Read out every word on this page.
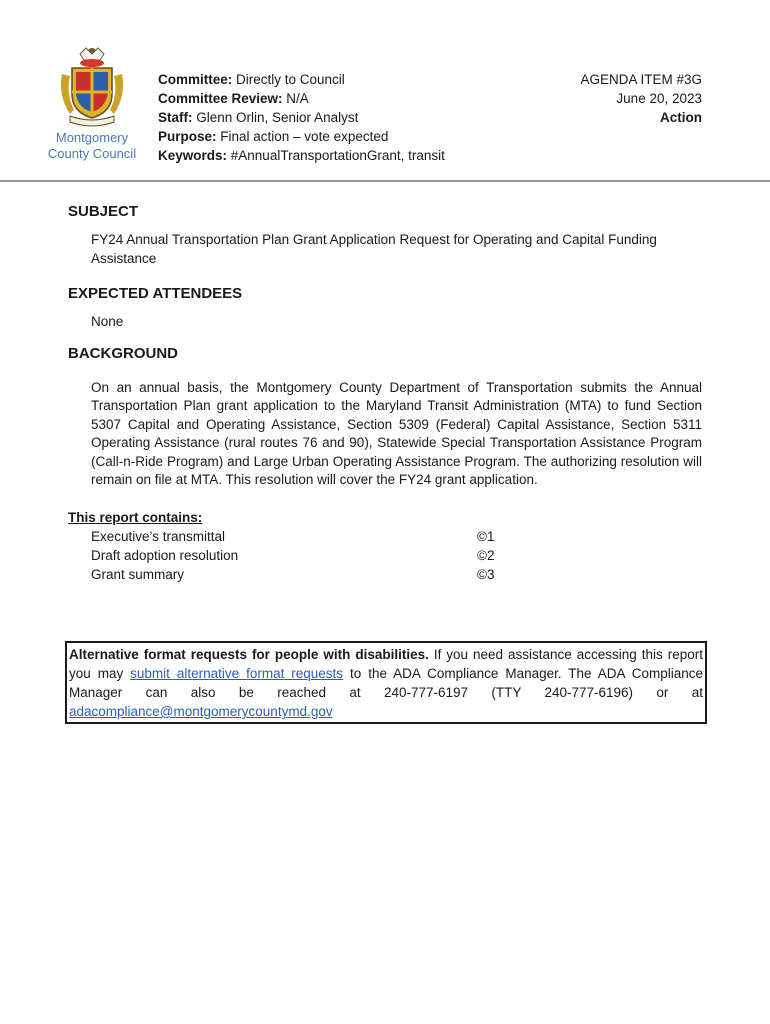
Montgomery
County Council
Committee: Directly to Council
Committee Review: N/A
Staff: Glenn Orlin, Senior Analyst
Purpose: Final action – vote expected
Keywords: #AnnualTransportationGrant, transit
AGENDA ITEM #3G
June 20, 2023
Action
SUBJECT
FY24 Annual Transportation Plan Grant Application Request for Operating and Capital Funding Assistance
EXPECTED ATTENDEES
None
BACKGROUND
On an annual basis, the Montgomery County Department of Transportation submits the Annual Transportation Plan grant application to the Maryland Transit Administration (MTA) to fund Section 5307 Capital and Operating Assistance, Section 5309 (Federal) Capital Assistance, Section 5311 Operating Assistance (rural routes 76 and 90), Statewide Special Transportation Assistance Program (Call-n-Ride Program) and Large Urban Operating Assistance Program. The authorizing resolution will remain on file at MTA. This resolution will cover the FY24 grant application.
This report contains:
Executive’s transmittal	©1
Draft adoption resolution	©2
Grant summary	©3
Alternative format requests for people with disabilities. If you need assistance accessing this report you may submit alternative format requests to the ADA Compliance Manager. The ADA Compliance Manager can also be reached at 240-777-6197 (TTY 240-777-6196) or at adacompliance@montgomerycountymd.gov
